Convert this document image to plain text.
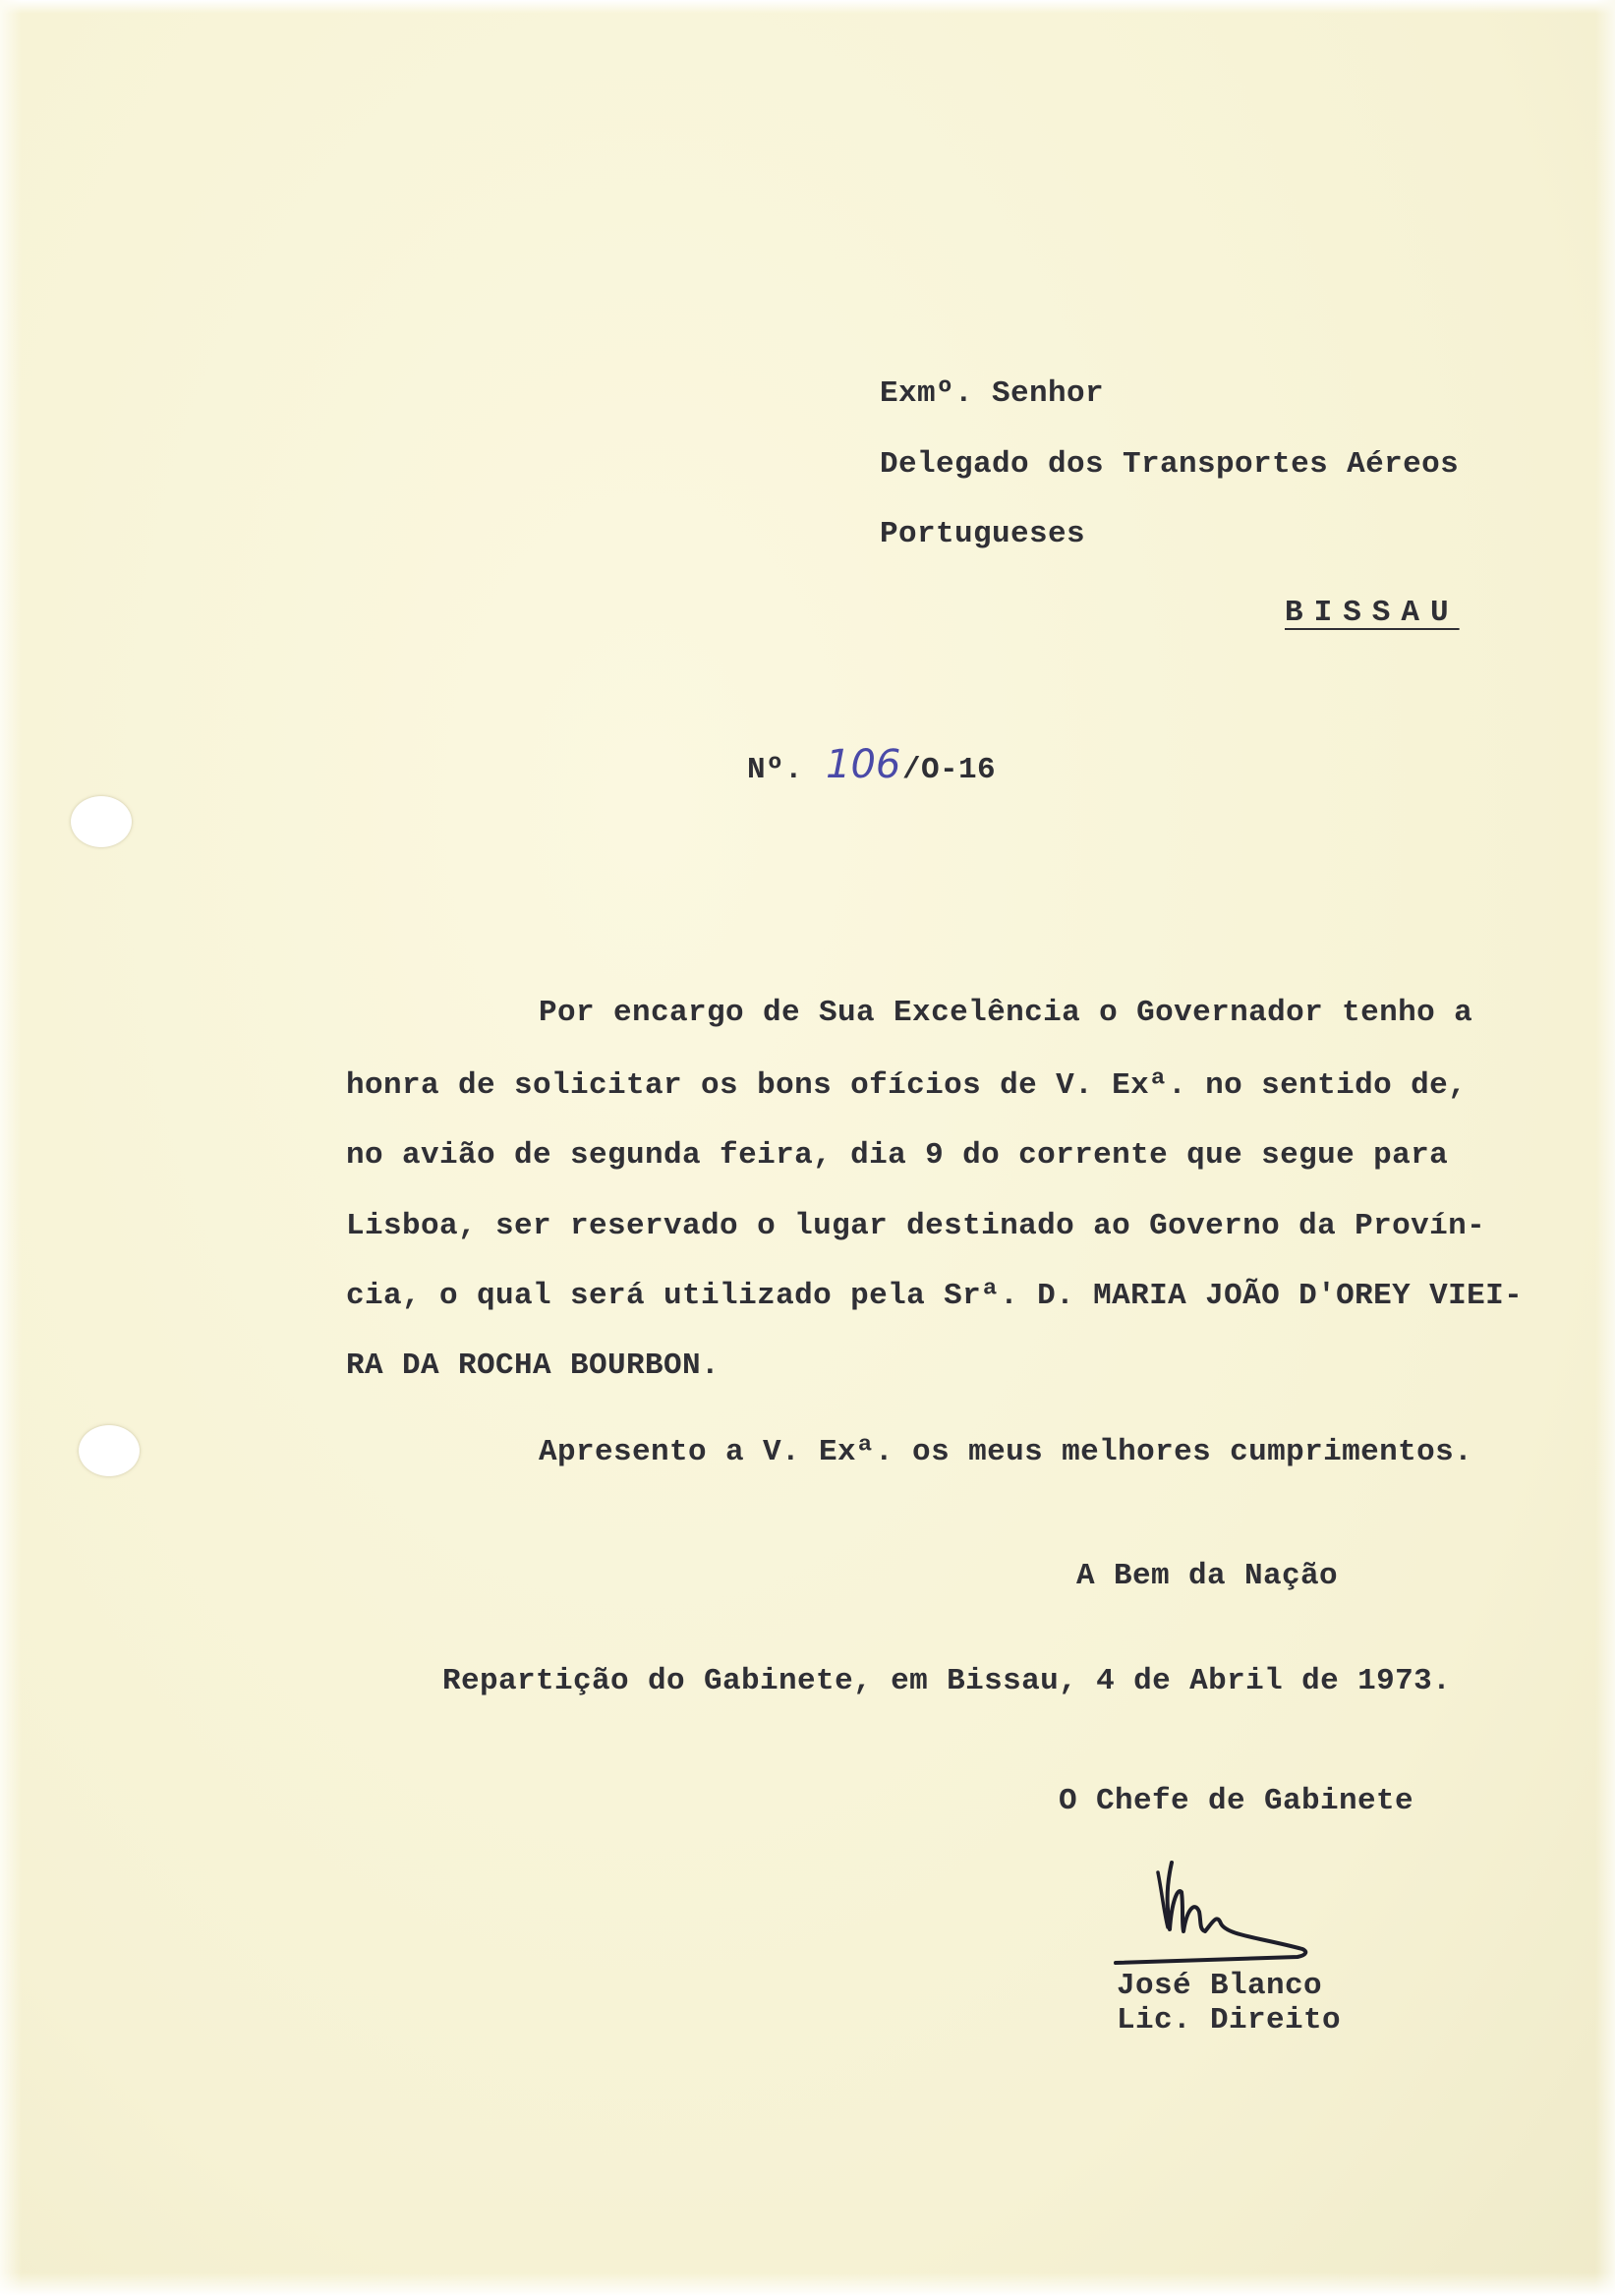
Exmº. Senhor
Delegado dos Transportes Aéreos
Portugueses
BISSAU
Nº. 106 /O-16
Por encargo de Sua Excelência o Governador tenho a
honra de solicitar os bons ofícios de V. Exª. no sentido de,
no avião de segunda feira, dia 9 do corrente que segue para
Lisboa, ser reservado o lugar destinado ao Governo da Provín-
cia, o qual será utilizado pela Srª. D. MARIA JOÃO D'OREY VIEI-
RA DA ROCHA BOURBON.
Apresento a V. Exª. os meus melhores cumprimentos.
A Bem da Nação
Repartição do Gabinete, em Bissau, 4 de Abril de 1973.
O Chefe de Gabinete
José Blanco
Lic. Direito
